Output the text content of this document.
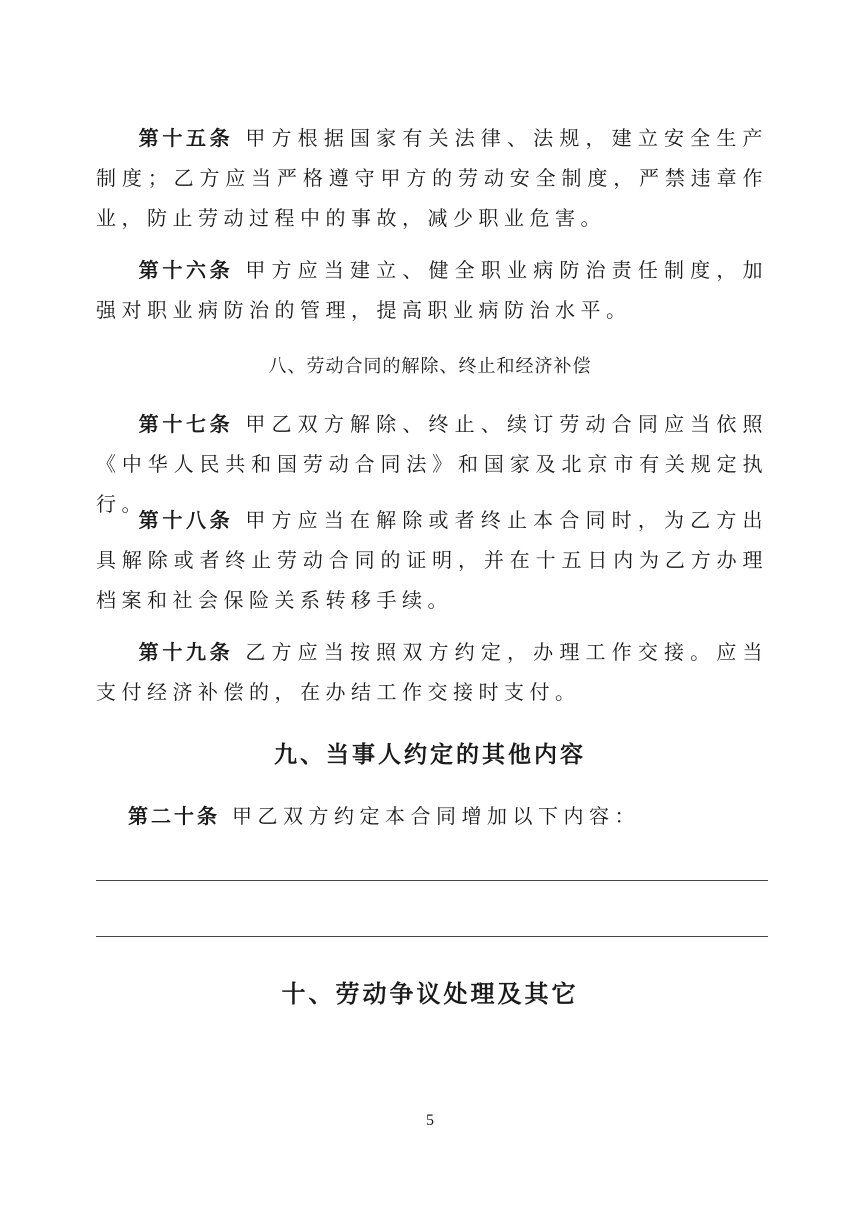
第十五条 甲方根据国家有关法律、法规，建立安全生产制度；乙方应当严格遵守甲方的劳动安全制度，严禁违章作业，防止劳动过程中的事故，减少职业危害。

第十六条 甲方应当建立、健全职业病防治责任制度，加强对职业病防治的管理，提高职业病防治水平。

八、劳动合同的解除、终止和经济补偿

第十七条 甲乙双方解除、终止、续订劳动合同应当依照《中华人民共和国劳动合同法》和国家及北京市有关规定执行。

第十八条 甲方应当在解除或者终止本合同时，为乙方出具解除或者终止劳动合同的证明，并在十五日内为乙方办理档案和社会保险关系转移手续。

第十九条 乙方应当按照双方约定，办理工作交接。应当支付经济补偿的，在办结工作交接时支付。

九、当事人约定的其他内容

第二十条 甲乙双方约定本合同增加以下内容：

十、劳动争议处理及其它
5
